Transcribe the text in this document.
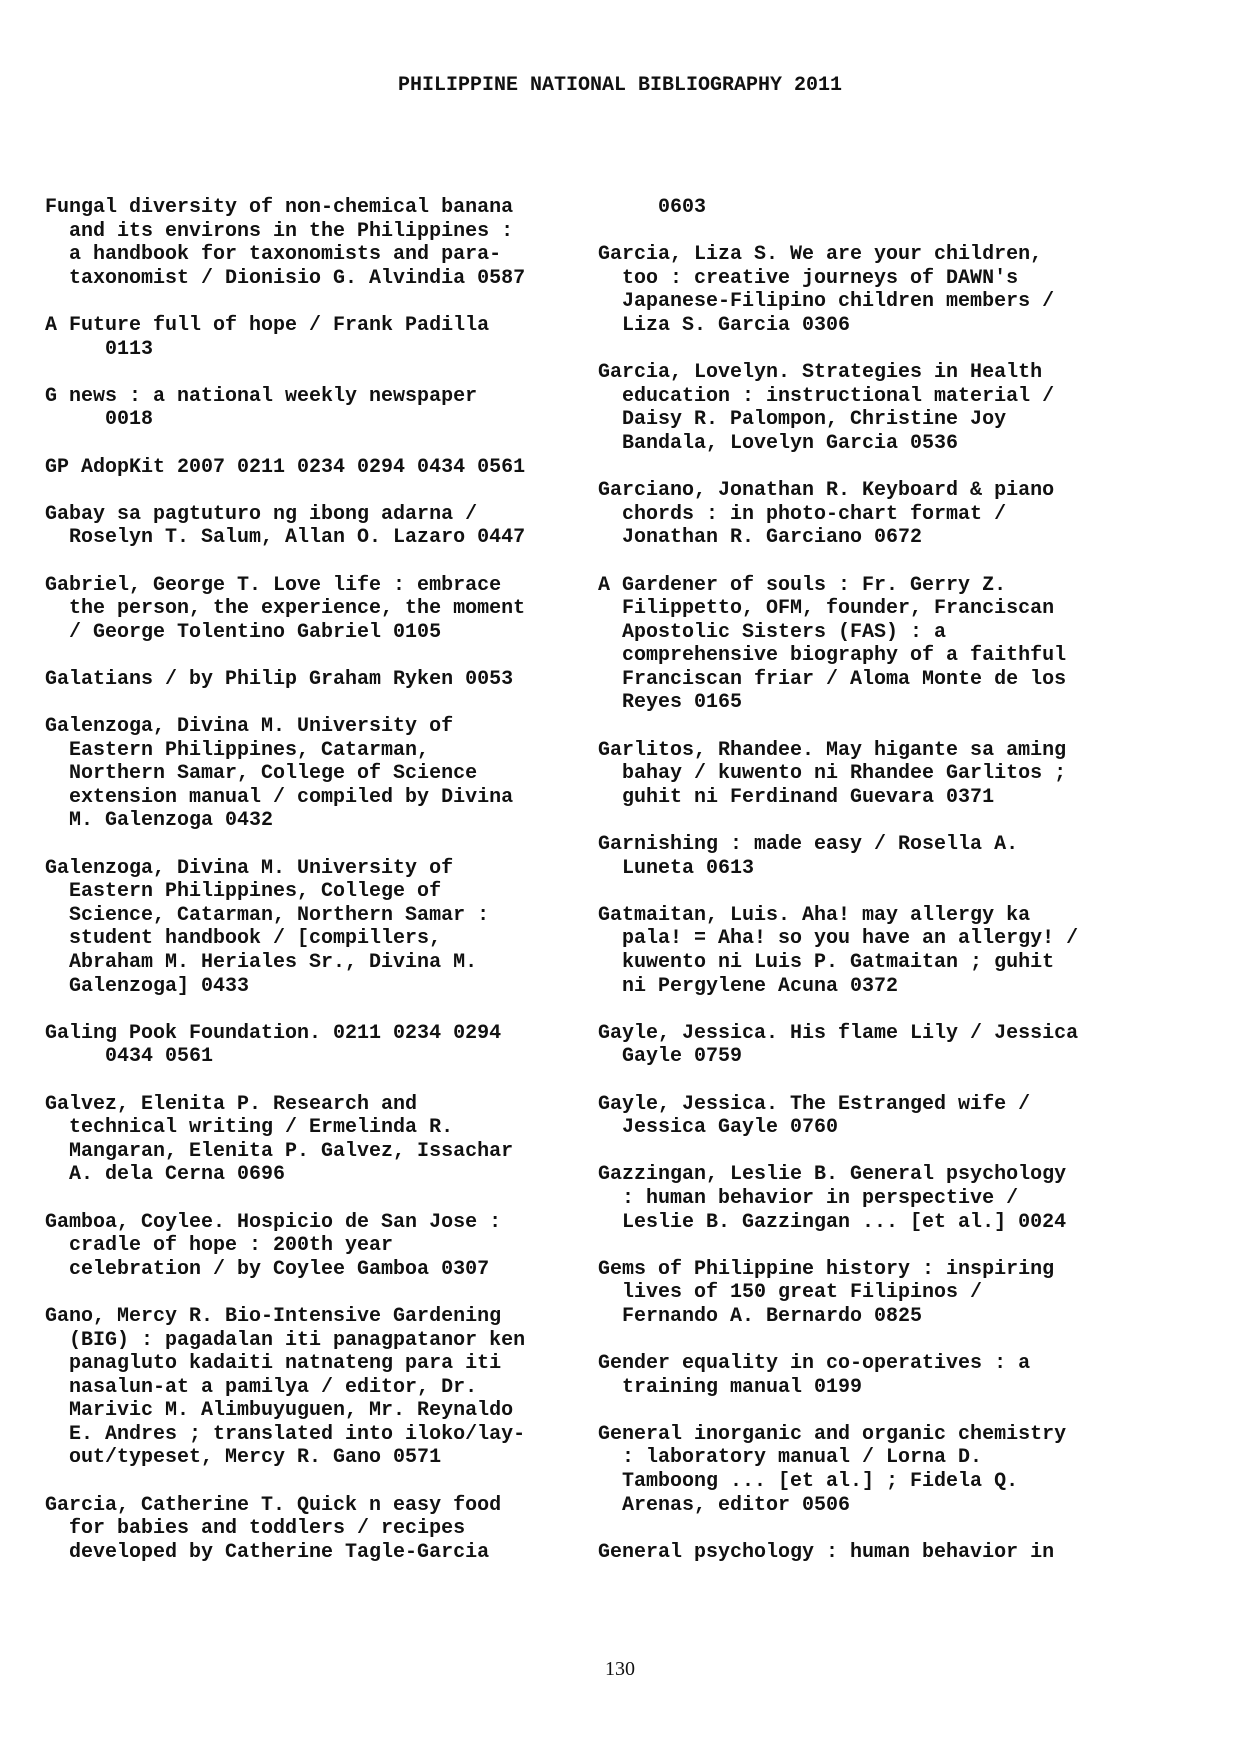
PHILIPPINE NATIONAL BIBLIOGRAPHY 2011
Fungal diversity of non-chemical banana
and its environs in the Philippines :
a handbook for taxonomists and para-
taxonomist / Dionisio G. Alvindia 0587
A Future full of hope / Frank Padilla
0113
G news : a national weekly newspaper
0018
GP AdopKit 2007 0211 0234 0294 0434 0561
Gabay sa pagtuturo ng ibong adarna /
Roselyn T. Salum, Allan O. Lazaro 0447
Gabriel, George T. Love life : embrace
the person, the experience, the moment
/ George Tolentino Gabriel 0105
Galatians / by Philip Graham Ryken 0053
Galenzoga, Divina M. University of
Eastern Philippines, Catarman,
Northern Samar, College of Science
extension manual / compiled by Divina
M. Galenzoga 0432
Galenzoga, Divina M. University of
Eastern Philippines, College of
Science, Catarman, Northern Samar :
student handbook / [compillers,
Abraham M. Heriales Sr., Divina M.
Galenzoga] 0433
Galing Pook Foundation. 0211 0234 0294
0434 0561
Galvez, Elenita P. Research and
technical writing / Ermelinda R.
Mangaran, Elenita P. Galvez, Issachar
A. dela Cerna 0696
Gamboa, Coylee. Hospicio de San Jose :
cradle of hope : 200th year
celebration / by Coylee Gamboa 0307
Gano, Mercy R. Bio-Intensive Gardening
(BIG) : pagadalan iti panagpatanor ken
panagluto kadaiti natnateng para iti
nasalun-at a pamilya / editor, Dr.
Marivic M. Alimbuyuguen, Mr. Reynaldo
E. Andres ; translated into iloko/lay-
out/typeset, Mercy R. Gano 0571
Garcia, Catherine T. Quick n easy food
for babies and toddlers / recipes
developed by Catherine Tagle-Garcia
0603
Garcia, Liza S. We are your children,
too : creative journeys of DAWN's
Japanese-Filipino children members /
Liza S. Garcia 0306
Garcia, Lovelyn. Strategies in Health
education : instructional material /
Daisy R. Palompon, Christine Joy
Bandala, Lovelyn Garcia 0536
Garciano, Jonathan R. Keyboard & piano
chords : in photo-chart format /
Jonathan R. Garciano 0672
A Gardener of souls : Fr. Gerry Z.
Filippetto, OFM, founder, Franciscan
Apostolic Sisters (FAS) : a
comprehensive biography of a faithful
Franciscan friar / Aloma Monte de los
Reyes 0165
Garlitos, Rhandee. May higante sa aming
bahay / kuwento ni Rhandee Garlitos ;
guhit ni Ferdinand Guevara 0371
Garnishing : made easy / Rosella A.
Luneta 0613
Gatmaitan, Luis. Aha! may allergy ka
pala! = Aha! so you have an allergy! /
kuwento ni Luis P. Gatmaitan ; guhit
ni Pergylene Acuna 0372
Gayle, Jessica. His flame Lily / Jessica
Gayle 0759
Gayle, Jessica. The Estranged wife /
Jessica Gayle 0760
Gazzingan, Leslie B. General psychology
: human behavior in perspective /
Leslie B. Gazzingan ... [et al.] 0024
Gems of Philippine history : inspiring
lives of 150 great Filipinos /
Fernando A. Bernardo 0825
Gender equality in co-operatives : a
training manual 0199
General inorganic and organic chemistry
: laboratory manual / Lorna D.
Tamboong ... [et al.] ; Fidela Q.
Arenas, editor 0506
General psychology : human behavior in
130
